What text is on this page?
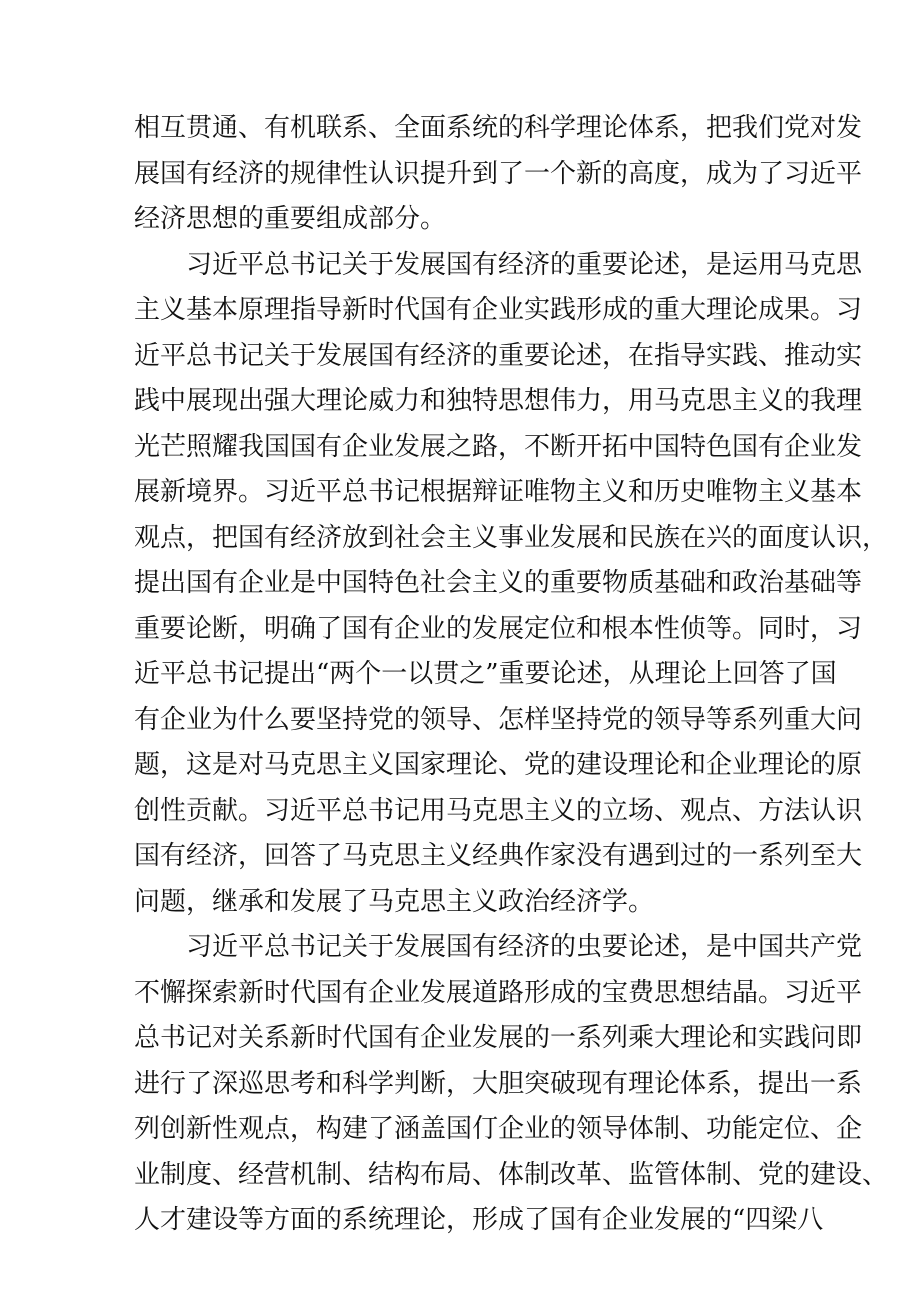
相互贯通、有机联系、全面系统的科学理论体系，把我们党对发
展国有经济的规律性认识提升到了一个新的高度，成为了习近平
经济思想的重要组成部分。
习近平总书记关于发展国有经济的重要论述，是运用马克思
主义基本原理指导新时代国有企业实践形成的重大理论成果。习
近平总书记关于发展国有经济的重要论述，在指导实践、推动实
践中展现出强大理论威力和独特思想伟力，用马克思主义的我理
光芒照耀我国国有企业发展之路，不断开拓中国特色国有企业发
展新境界。习近平总书记根据辩证唯物主义和历史唯物主义基本
观点，把国有经济放到社会主义事业发展和民族在兴的面度认识，
提出国有企业是中国特色社会主义的重要物质基础和政治基础等
重要论断，明确了国有企业的发展定位和根本性侦等。同时，习
近平总书记提出“两个一以贯之”重要论述，从理论上回答了国
有企业为什么要坚持党的领导、怎样坚持党的领导等系列重大问
题，这是对马克思主义国家理论、党的建设理论和企业理论的原
创性贡献。习近平总书记用马克思主义的立场、观点、方法认识
国有经济，回答了马克思主义经典作家没有遇到过的一系列至大
问题，继承和发展了马克思主义政治经济学。
习近平总书记关于发展国有经济的虫要论述，是中国共产党
不懈探索新时代国有企业发展道路形成的宝费思想结晶。习近平
总书记对关系新时代国有企业发展的一系列乘大理论和实践问即
进行了深巡思考和科学判断，大胆突破现有理论体系，提出一系
列创新性观点，构建了涵盖国仃企业的领导体制、功能定位、企
业制度、经营机制、结构布局、体制改革、监管体制、党的建设、
人才建设等方面的系统理论，形成了国有企业发展的“四梁八
